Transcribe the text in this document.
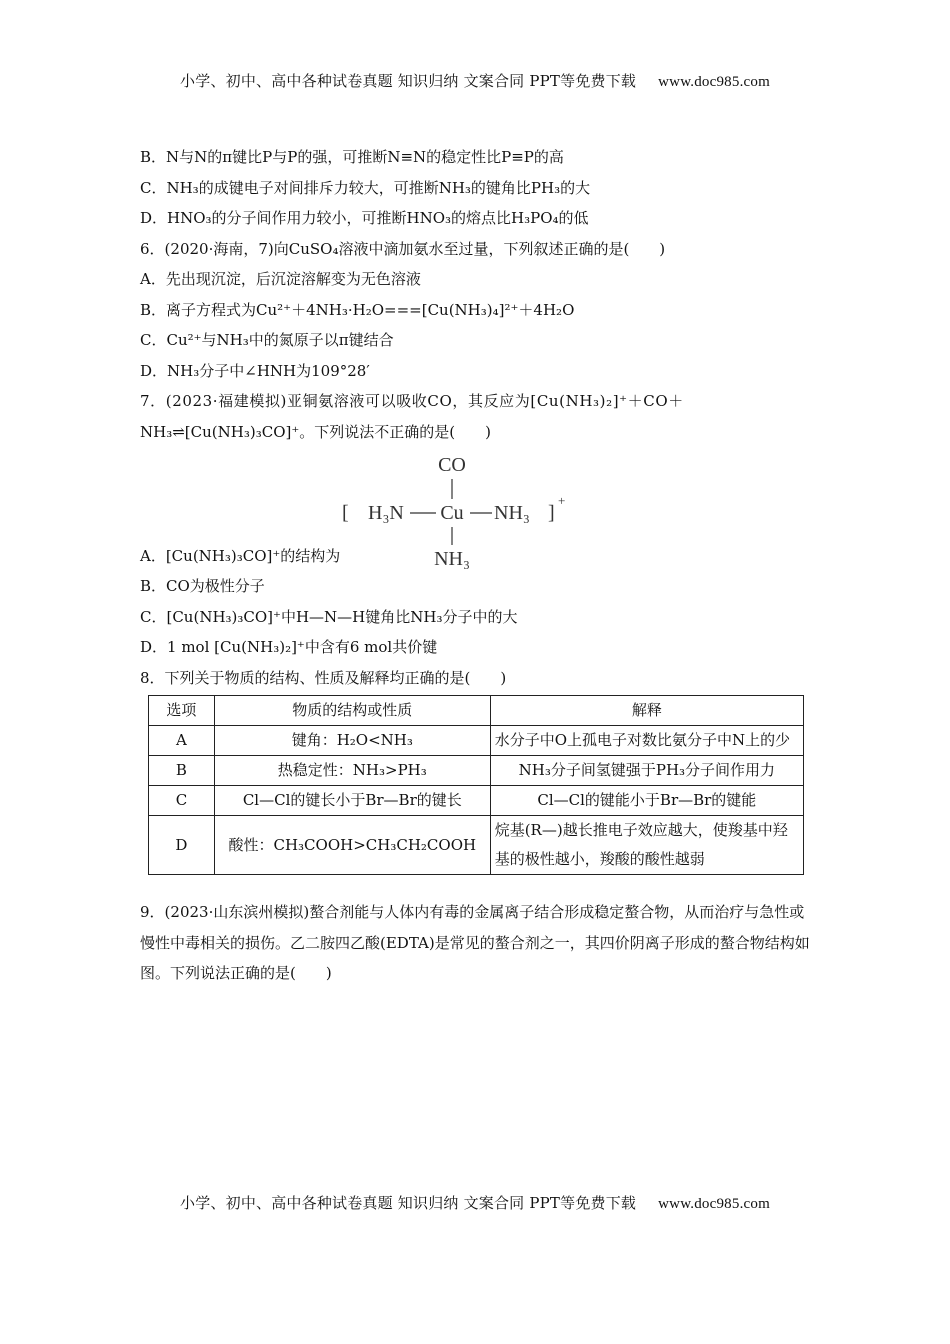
小学、初中、高中各种试卷真题 知识归纳 文案合同 PPT等免费下载 www.doc985.com
B．N与N的π键比P与P的强，可推断N≡N的稳定性比P≡P的高
C．NH₃的成键电子对间排斥力较大，可推断NH₃的键角比PH₃的大
D．HNO₃的分子间作用力较小，可推断HNO₃的熔点比H₃PO₄的低
6．(2020·海南，7)向CuSO₄溶液中滴加氨水至过量，下列叙述正确的是(　　)
A．先出现沉淀，后沉淀溶解变为无色溶液
B．离子方程式为Cu²⁺＋4NH₃·H₂O===[Cu(NH₃)₄]²⁺＋4H₂O
C．Cu²⁺与NH₃中的氮原子以π键结合
D．NH₃分子中∠HNH为109°28′
7．(2023·福建模拟)亚铜氨溶液可以吸收CO，其反应为[Cu(NH₃)₂]⁺＋CO＋
NH₃⇌[Cu(NH₃)₃CO]⁺。下列说法不正确的是(　　)
A．[Cu(NH₃)₃CO]⁺的结构为
CO
[ H₃N Cu NH₃ ]
+
NH₃
B．CO为极性分子
C．[Cu(NH₃)₃CO]⁺中H—N—H键角比NH₃分子中的大
D．1 mol [Cu(NH₃)₂]⁺中含有6 mol共价键
8．下列关于物质的结构、性质及解释均正确的是(　　)
选项	物质的结构或性质	解释
A	键角：H₂O<NH₃	水分子中O上孤电子对数比氨分子中N上的少
B	热稳定性：NH₃>PH₃	NH₃分子间氢键强于PH₃分子间作用力
C	Cl—Cl的键长小于Br—Br的键长	Cl—Cl的键能小于Br—Br的键能
D	酸性：CH₃COOH>CH₃CH₂COOH	烷基(R—)越长推电子效应越大，使羧基中羟基的极性越小，羧酸的酸性越弱
9．(2023·山东滨州模拟)螯合剂能与人体内有毒的金属离子结合形成稳定螯合物，从而治疗与急性或慢性中毒相关的损伤。乙二胺四乙酸(EDTA)是常见的螯合剂之一，其四价阴离子形成的螯合物结构如图。下列说法正确的是(　　)
小学、初中、高中各种试卷真题 知识归纳 文案合同 PPT等免费下载 www.doc985.com
